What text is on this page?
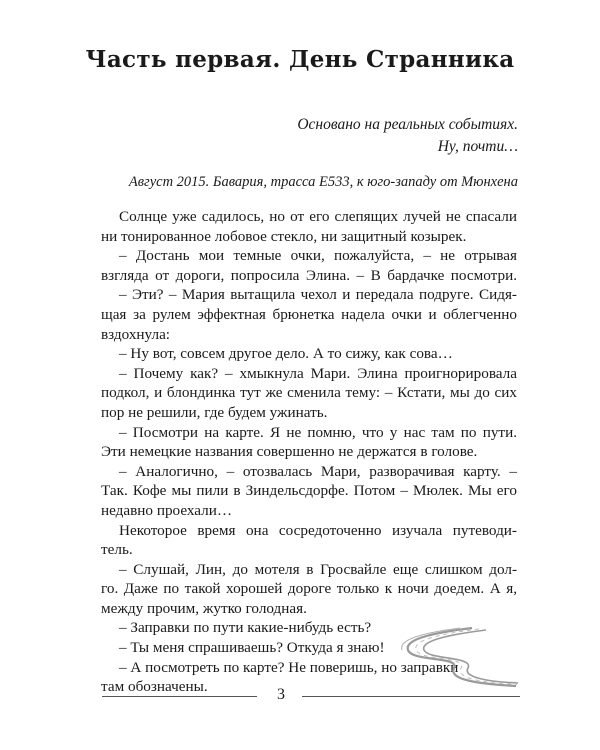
Часть первая. День Странника
Основано на реальных событиях.
Ну, почти…
Август 2015. Бавария, трасса E533, к юго-западу от Мюнхена

Солнце уже садилось, но от его слепящих лучей не спасали

ни тонированное лобовое стекло, ни защитный козырек.

– Достань мои темные очки, пожалуйста, – не отрывая

взгляда от дороги, попросила Элина. – В бардачке посмотри.

– Эти? – Мария вытащила чехол и передала подруге. Сидя-

щая за рулем эффектная брюнетка надела очки и облегченно

вздохнула:

– Ну вот, совсем другое дело. А то сижу, как сова…

– Почему как? – хмыкнула Мари. Элина проигнорировала

подкол, и блондинка тут же сменила тему: – Кстати, мы до сих

пор не решили, где будем ужинать.

– Посмотри на карте. Я не помню, что у нас там по пути.

Эти немецкие названия совершенно не держатся в голове.

– Аналогично, – отозвалась Мари, разворачивая карту. –

Так. Кофе мы пили в Зиндельсдорфе. Потом – Мюлек. Мы его

недавно проехали…

Некоторое время она сосредоточенно изучала путеводи-

тель.

– Слушай, Лин, до мотеля в Гросвайле еще слишком дол-

го. Даже по такой хорошей дороге только к ночи доедем. А я,

между прочим, жутко голодная.

– Заправки по пути какие-нибудь есть?

– Ты меня спрашиваешь? Откуда я знаю!

– А посмотреть по карте? Не поверишь, но заправки

там обозначены.	3
